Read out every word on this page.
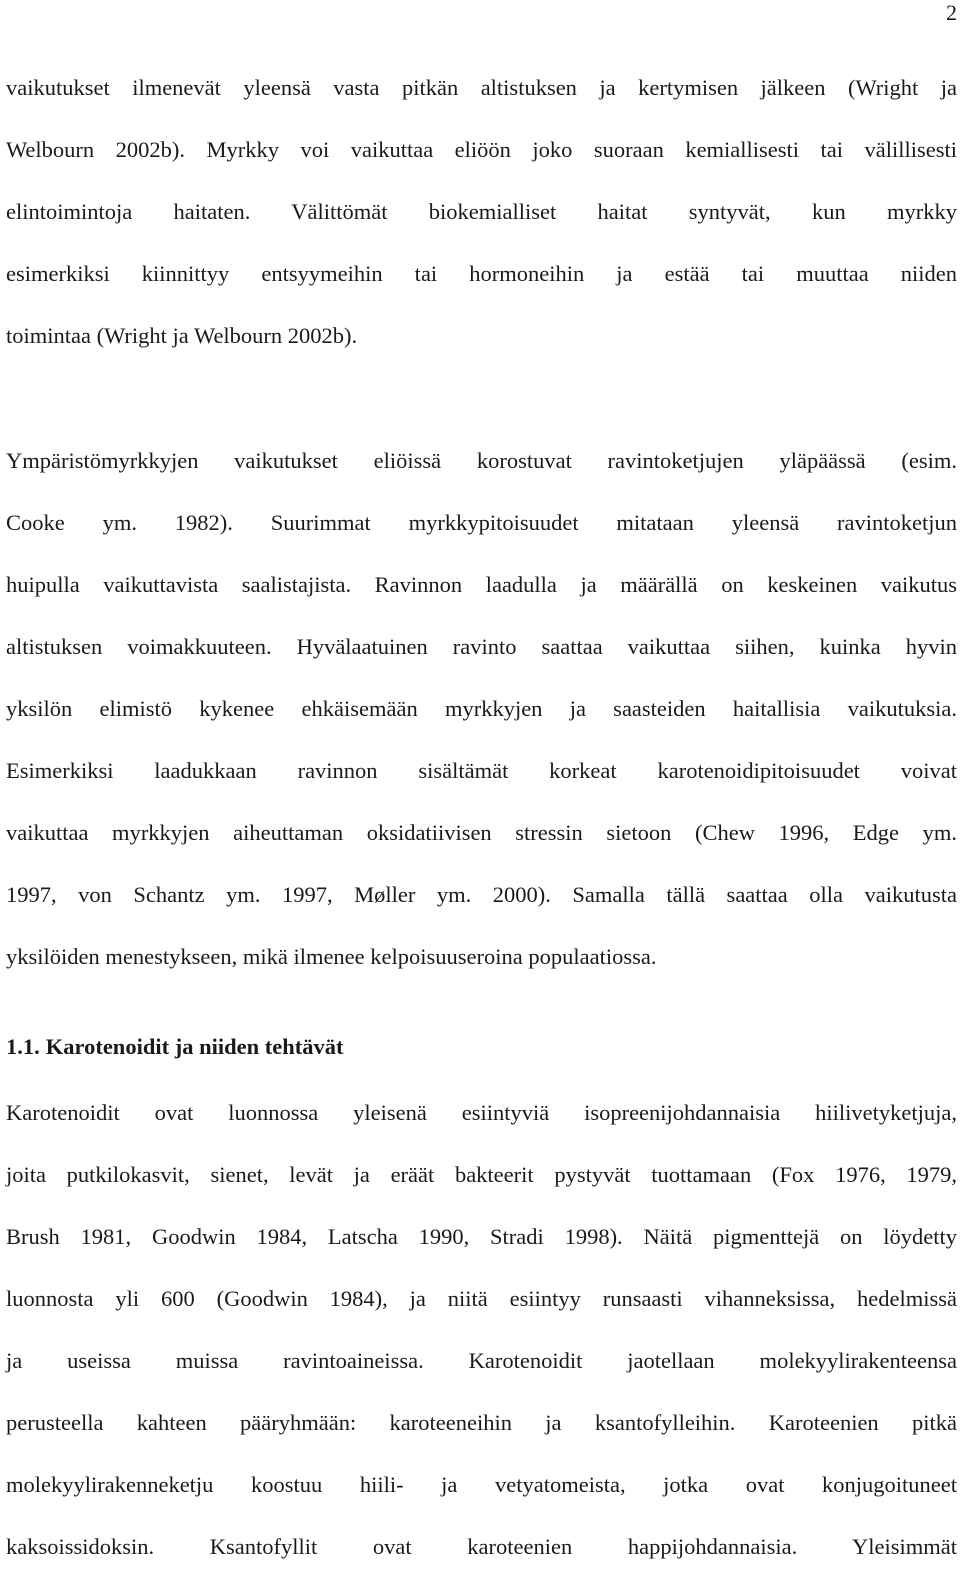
2
vaikutukset ilmenevät yleensä vasta pitkän altistuksen ja kertymisen jälkeen (Wright ja
Welbourn 2002b). Myrkky voi vaikuttaa eliöön joko suoraan kemiallisesti tai välillisesti
elintoimintoja haitaten. Välittömät biokemialliset haitat syntyvät, kun myrkky
esimerkiksi kiinnittyy entsyymeihin tai hormoneihin ja estää tai muuttaa niiden
toimintaa (Wright ja Welbourn 2002b).
Ympäristömyrkkyjen vaikutukset eliöissä korostuvat ravintoketjujen yläpäässä (esim.
Cooke ym. 1982). Suurimmat myrkkypitoisuudet mitataan yleensä ravintoketjun
huipulla vaikuttavista saalistajista. Ravinnon laadulla ja määrällä on keskeinen vaikutus
altistuksen voimakkuuteen. Hyvälaatuinen ravinto saattaa vaikuttaa siihen, kuinka hyvin
yksilön elimistö kykenee ehkäisemään myrkkyjen ja saasteiden haitallisia vaikutuksia.
Esimerkiksi laadukkaan ravinnon sisältämät korkeat karotenoidipitoisuudet voivat
vaikuttaa myrkkyjen aiheuttaman oksidatiivisen stressin sietoon (Chew 1996, Edge ym.
1997, von Schantz ym. 1997, Møller ym. 2000). Samalla tällä saattaa olla vaikutusta
yksilöiden menestykseen, mikä ilmenee kelpoisuuseroina populaatiossa.
1.1. Karotenoidit ja niiden tehtävät
Karotenoidit ovat luonnossa yleisenä esiintyviä isopreenijohdannaisia hiilivetyketjuja,
joita putkilokasvit, sienet, levät ja eräät bakteerit pystyvät tuottamaan (Fox 1976, 1979,
Brush 1981, Goodwin 1984, Latscha 1990, Stradi 1998). Näitä pigmenttejä on löydetty
luonnosta yli 600 (Goodwin 1984), ja niitä esiintyy runsaasti vihanneksissa, hedelmissä
ja useissa muissa ravintoaineissa. Karotenoidit jaotellaan molekyylirakenteensa
perusteella kahteen pääryhmään: karoteeneihin ja ksantofylleihin. Karoteenien pitkä
molekyylirakenneketju koostuu hiili- ja vetyatomeista, jotka ovat konjugoituneet
kaksoissidoksin. Ksantofyllit ovat karoteenien happijohdannaisia. Yleisimmät
